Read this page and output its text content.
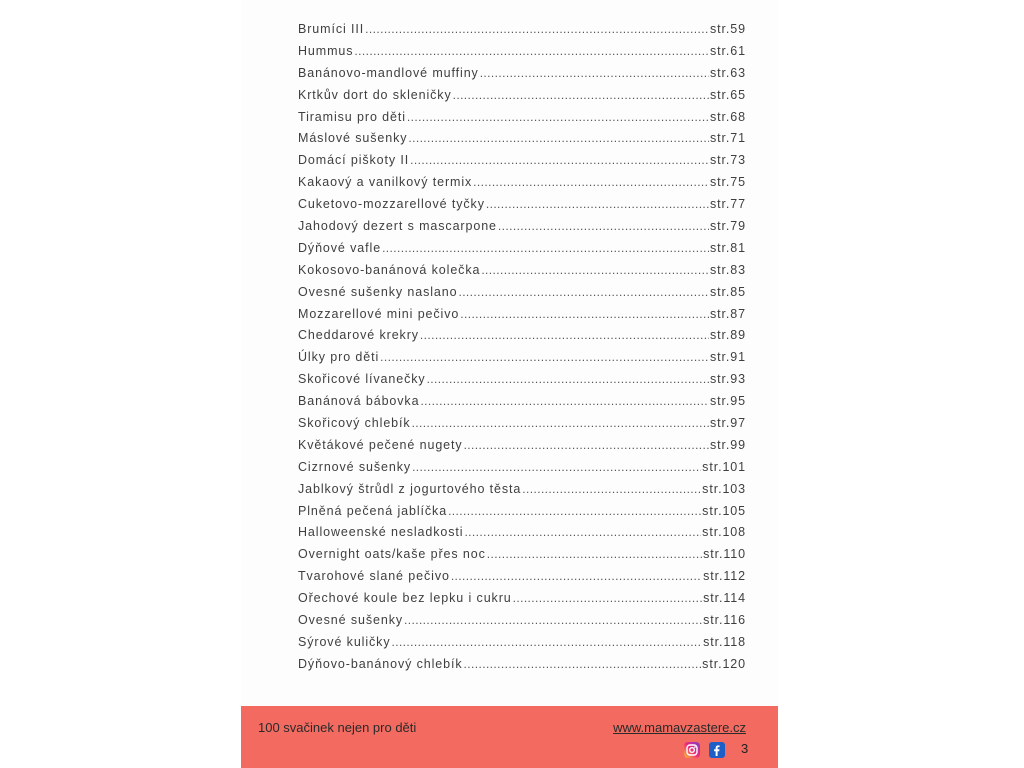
Brumíci III .....	str.59
Hummus .....	str.61
Banánovo-mandlové muffiny .....	str.63
Krtkův dort do skleničky .....	str.65
Tiramisu pro děti .....	str.68
Máslové sušenky .....	str.71
Domácí piškoty II .....	str.73
Kakaový a vanilkový termix .....	str.75
Cuketovo-mozzarellové tyčky .....	str.77
Jahodový dezert s mascarpone .....	str.79
Dýňové vafle .....	str.81
Kokosovo-banánová kolečka .....	str.83
Ovesné sušenky naslano .....	str.85
Mozzarellové mini pečivo .....	str.87
Cheddarové krekry .....	str.89
Úlky pro děti .....	str.91
Skořicové lívanečky .....	str.93
Banánová bábovka .....	str.95
Skořicový chlebík .....	str.97
Květákové pečené nugety .....	str.99
Cizrnové sušenky .....	str.101
Jablkový štrůdl z jogurtového těsta .....	str.103
Plněná pečená jablíčka .....	str.105
Halloweenské nesladkosti .....	str.108
Overnight oats/kaše přes noc .....	str.110
Tvarohové slané pečivo .....	str.112
Ořechové koule bez lepku i cukru .....	str.114
Ovesné sušenky .....	str.116
Sýrové kuličky .....	str.118
Dýňovo-banánový chlebík .....	str.120
100 svačinek nejen pro děti	www.mamavzastere.cz
3
